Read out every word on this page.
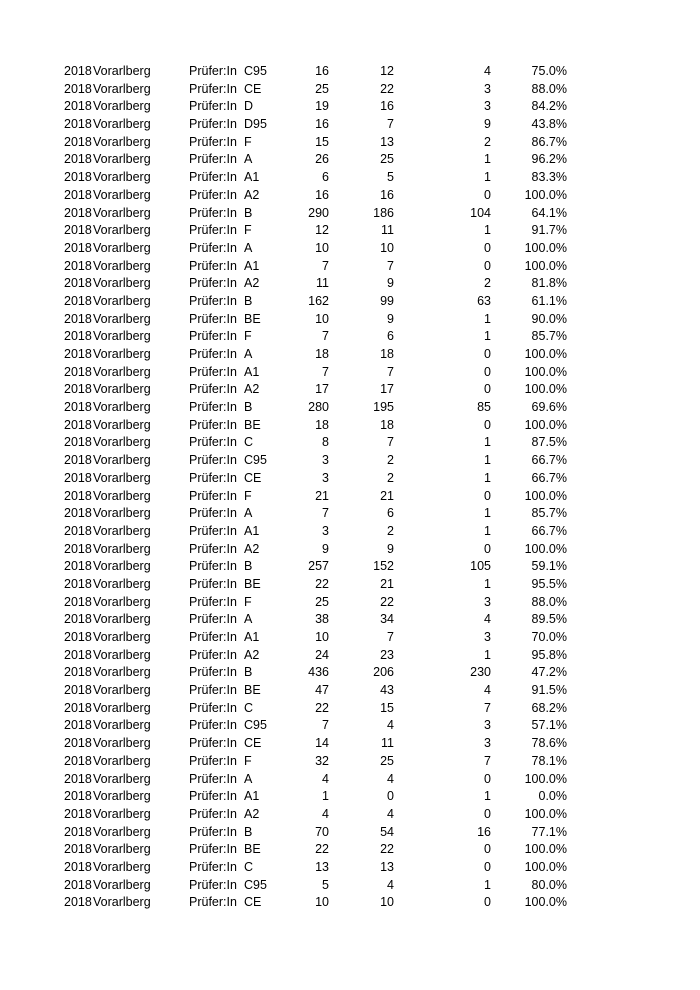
2018 Vorarlberg	Prüfer:In C95	16	12	4	75.0%
2018 Vorarlberg	Prüfer:In CE	25	22	3	88.0%
2018 Vorarlberg	Prüfer:In D	19	16	3	84.2%
2018 Vorarlberg	Prüfer:In D95	16	7	9	43.8%
2018 Vorarlberg	Prüfer:In F	15	13	2	86.7%
2018 Vorarlberg	Prüfer:In A	26	25	1	96.2%
2018 Vorarlberg	Prüfer:In A1	6	5	1	83.3%
2018 Vorarlberg	Prüfer:In A2	16	16	0	100.0%
2018 Vorarlberg	Prüfer:In B	290	186	104	64.1%
2018 Vorarlberg	Prüfer:In F	12	11	1	91.7%
2018 Vorarlberg	Prüfer:In A	10	10	0	100.0%
2018 Vorarlberg	Prüfer:In A1	7	7	0	100.0%
2018 Vorarlberg	Prüfer:In A2	11	9	2	81.8%
2018 Vorarlberg	Prüfer:In B	162	99	63	61.1%
2018 Vorarlberg	Prüfer:In BE	10	9	1	90.0%
2018 Vorarlberg	Prüfer:In F	7	6	1	85.7%
2018 Vorarlberg	Prüfer:In A	18	18	0	100.0%
2018 Vorarlberg	Prüfer:In A1	7	7	0	100.0%
2018 Vorarlberg	Prüfer:In A2	17	17	0	100.0%
2018 Vorarlberg	Prüfer:In B	280	195	85	69.6%
2018 Vorarlberg	Prüfer:In BE	18	18	0	100.0%
2018 Vorarlberg	Prüfer:In C	8	7	1	87.5%
2018 Vorarlberg	Prüfer:In C95	3	2	1	66.7%
2018 Vorarlberg	Prüfer:In CE	3	2	1	66.7%
2018 Vorarlberg	Prüfer:In F	21	21	0	100.0%
2018 Vorarlberg	Prüfer:In A	7	6	1	85.7%
2018 Vorarlberg	Prüfer:In A1	3	2	1	66.7%
2018 Vorarlberg	Prüfer:In A2	9	9	0	100.0%
2018 Vorarlberg	Prüfer:In B	257	152	105	59.1%
2018 Vorarlberg	Prüfer:In BE	22	21	1	95.5%
2018 Vorarlberg	Prüfer:In F	25	22	3	88.0%
2018 Vorarlberg	Prüfer:In A	38	34	4	89.5%
2018 Vorarlberg	Prüfer:In A1	10	7	3	70.0%
2018 Vorarlberg	Prüfer:In A2	24	23	1	95.8%
2018 Vorarlberg	Prüfer:In B	436	206	230	47.2%
2018 Vorarlberg	Prüfer:In BE	47	43	4	91.5%
2018 Vorarlberg	Prüfer:In C	22	15	7	68.2%
2018 Vorarlberg	Prüfer:In C95	7	4	3	57.1%
2018 Vorarlberg	Prüfer:In CE	14	11	3	78.6%
2018 Vorarlberg	Prüfer:In F	32	25	7	78.1%
2018 Vorarlberg	Prüfer:In A	4	4	0	100.0%
2018 Vorarlberg	Prüfer:In A1	1	0	1	0.0%
2018 Vorarlberg	Prüfer:In A2	4	4	0	100.0%
2018 Vorarlberg	Prüfer:In B	70	54	16	77.1%
2018 Vorarlberg	Prüfer:In BE	22	22	0	100.0%
2018 Vorarlberg	Prüfer:In C	13	13	0	100.0%
2018 Vorarlberg	Prüfer:In C95	5	4	1	80.0%
2018 Vorarlberg	Prüfer:In CE	10	10	0	100.0%
